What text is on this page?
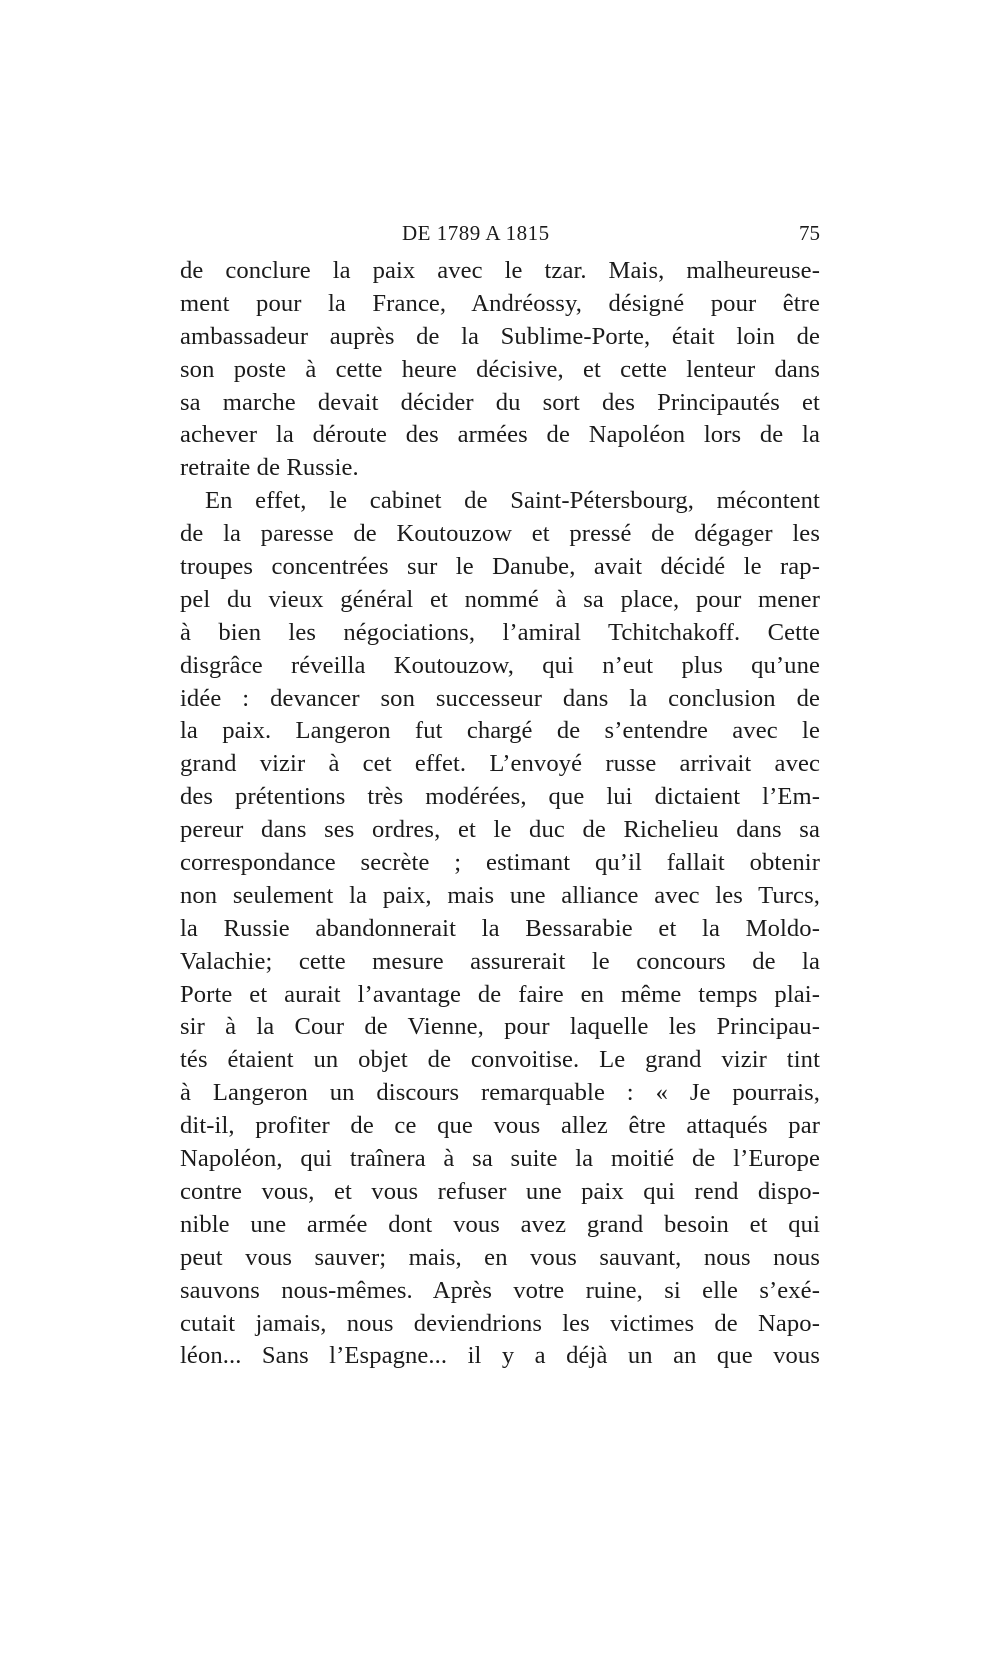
DE 1789 A 1815	75
de conclure la paix avec le tzar. Mais, malheureuse-
ment pour la France, Andréossy, désigné pour être
ambassadeur auprès de la Sublime-Porte, était loin de
son poste à cette heure décisive, et cette lenteur dans
sa marche devait décider du sort des Principautés et
achever la déroute des armées de Napoléon lors de la
retraite de Russie.
En effet, le cabinet de Saint-Pétersbourg, mécontent
de la paresse de Koutouzow et pressé de dégager les
troupes concentrées sur le Danube, avait décidé le rap-
pel du vieux général et nommé à sa place, pour mener
à bien les négociations, l’amiral Tchitchakoff. Cette
disgrâce réveilla Koutouzow, qui n’eut plus qu’une
idée : devancer son successeur dans la conclusion de
la paix. Langeron fut chargé de s’entendre avec le
grand vizir à cet effet. L’envoyé russe arrivait avec
des prétentions très modérées, que lui dictaient l’Em-
pereur dans ses ordres, et le duc de Richelieu dans sa
correspondance secrète ; estimant qu’il fallait obtenir
non seulement la paix, mais une alliance avec les Turcs,
la Russie abandonnerait la Bessarabie et la Moldo-
Valachie; cette mesure assurerait le concours de la
Porte et aurait l’avantage de faire en même temps plai-
sir à la Cour de Vienne, pour laquelle les Principau-
tés étaient un objet de convoitise. Le grand vizir tint
à Langeron un discours remarquable : « Je pourrais,
dit-il, profiter de ce que vous allez être attaqués par
Napoléon, qui traînera à sa suite la moitié de l’Europe
contre vous, et vous refuser une paix qui rend dispo-
nible une armée dont vous avez grand besoin et qui
peut vous sauver; mais, en vous sauvant, nous nous
sauvons nous-mêmes. Après votre ruine, si elle s’exé-
cutait jamais, nous deviendrions les victimes de Napo-
léon... Sans l’Espagne... il y a déjà un an que vous
